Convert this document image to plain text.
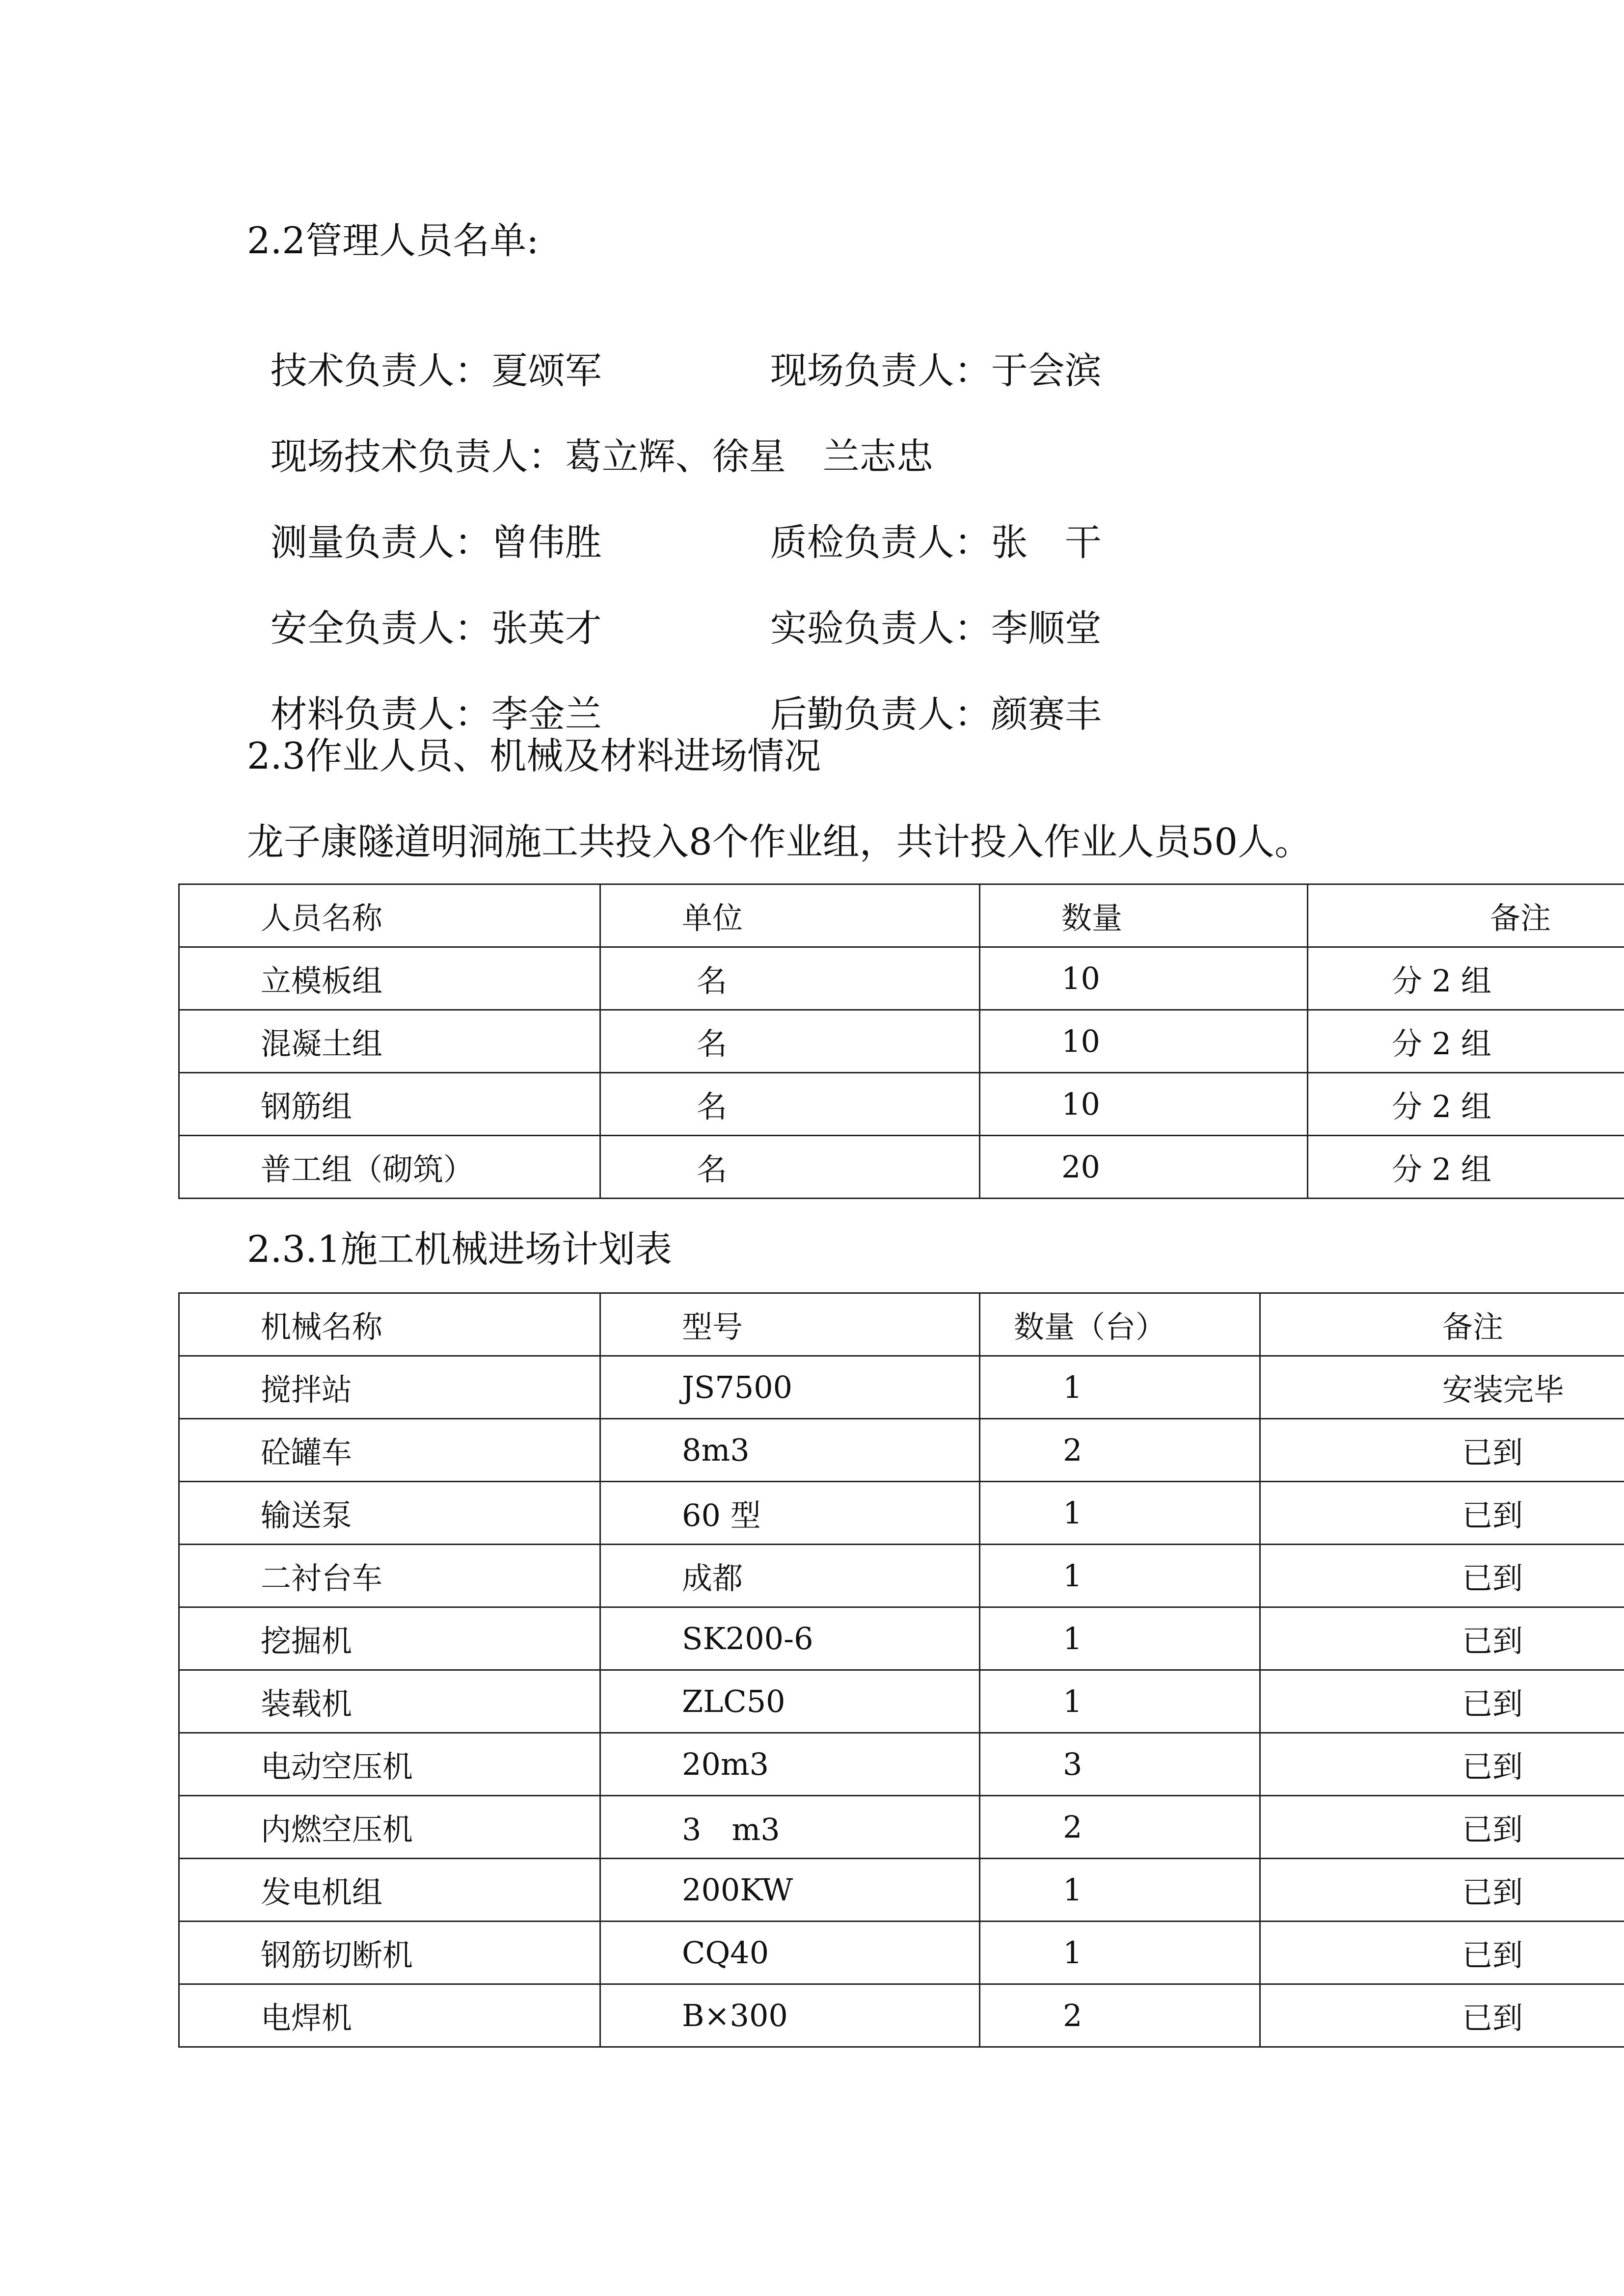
2.2管理人员名单:

技术负责人：夏颂军	现场负责人：于会滨

现场技术负责人：葛立辉、徐星　兰志忠

测量负责人：曾伟胜	质检负责人：张　干

安全负责人：张英才	实验负责人：李顺堂

材料负责人：李金兰	后勤负责人：颜赛丰

2.3作业人员、机械及材料进场情况
龙子康隧道明洞施工共投入8个作业组，共计投入作业人员50人。
人员名称	单位	数量	备注
立模板组	名	10	分 2 组
混凝土组	名	10	分 2 组
钢筋组	名	10	分 2 组
普工组（砌筑）	名	20	分 2 组
2.3.1施工机械进场计划表
机械名称	型号	数量（台）	备注
搅拌站	JS7500	1	安装完毕
砼罐车	8m3	2	已到
输送泵	60 型	1	已到
二衬台车	成都	1	已到
挖掘机	SK200-6	1	已到
装载机	ZLC50	1	已到
电动空压机	20m3	3	已到
内燃空压机	3　m3	2	已到
发电机组	200KW	1	已到
钢筋切断机	CQ40	1	已到
电焊机	B×300	2	已到
